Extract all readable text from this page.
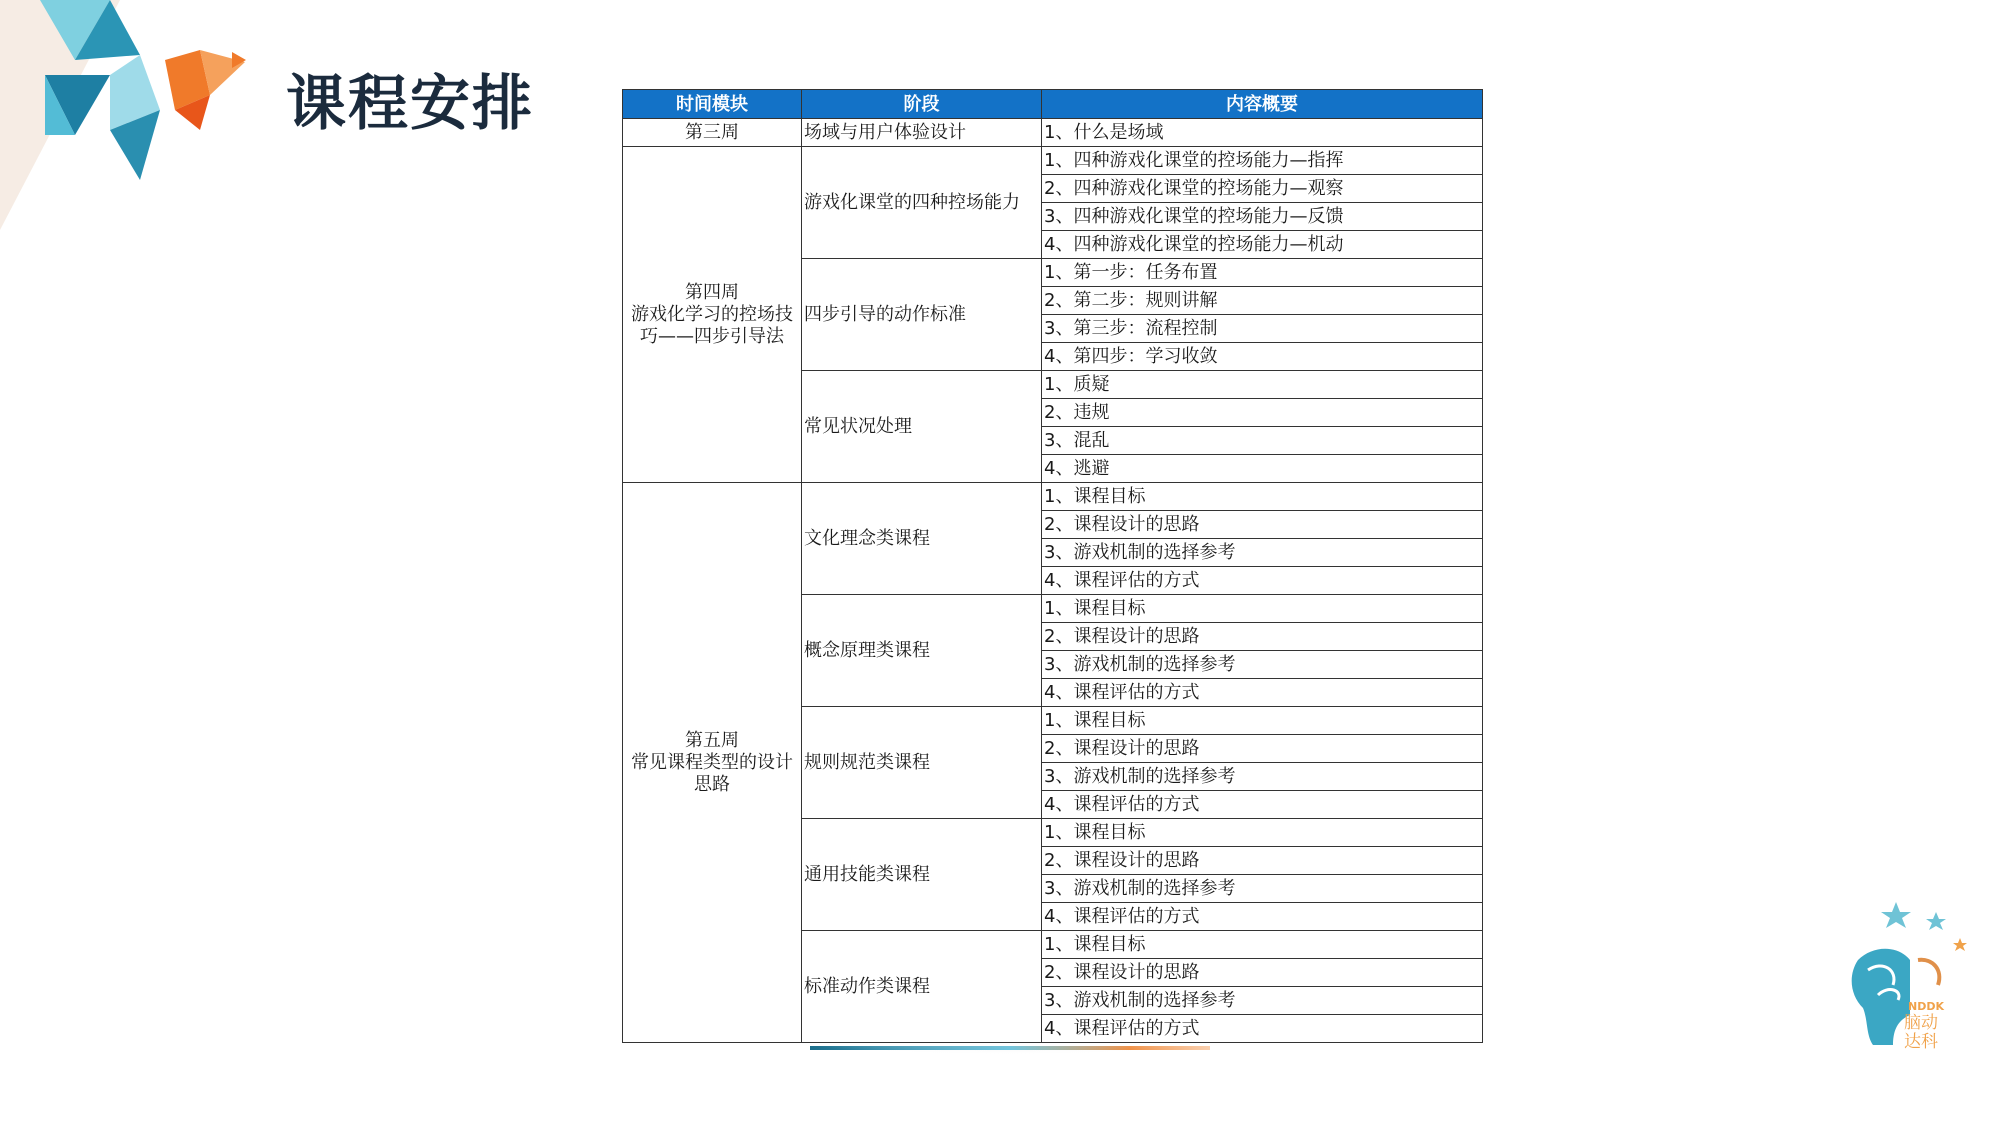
课程安排	时间模块	阶段	内容概要

第三周	场域与用户体验设计	1、什么是场域

第四周
游戏化学习的控场技
巧——四步引导法	游戏化课堂的四种控场能力	1、四种游戏化课堂的控场能力—指挥
		2、四种游戏化课堂的控场能力—观察
		3、四种游戏化课堂的控场能力—反馈
		4、四种游戏化课堂的控场能力—机动
	四步引导的动作标准	1、第一步：任务布置
		2、第二步：规则讲解
		3、第三步：流程控制
		4、第四步：学习收敛
	常见状况处理	1、质疑
		2、违规
		3、混乱
		4、逃避

第五周
常见课程类型的设计
思路	文化理念类课程	1、课程目标
		2、课程设计的思路
		3、游戏机制的选择参考
		4、课程评估的方式
	概念原理类课程	1、课程目标
		2、课程设计的思路
		3、游戏机制的选择参考
		4、课程评估的方式
	规则规范类课程	1、课程目标
		2、课程设计的思路
		3、游戏机制的选择参考
		4、课程评估的方式
	通用技能类课程	1、课程目标
		2、课程设计的思路
		3、游戏机制的选择参考
		4、课程评估的方式
	标准动作类课程	1、课程目标
		2、课程设计的思路
		3、游戏机制的选择参考
		4、课程评估的方式
NDDK
脑动
达科
